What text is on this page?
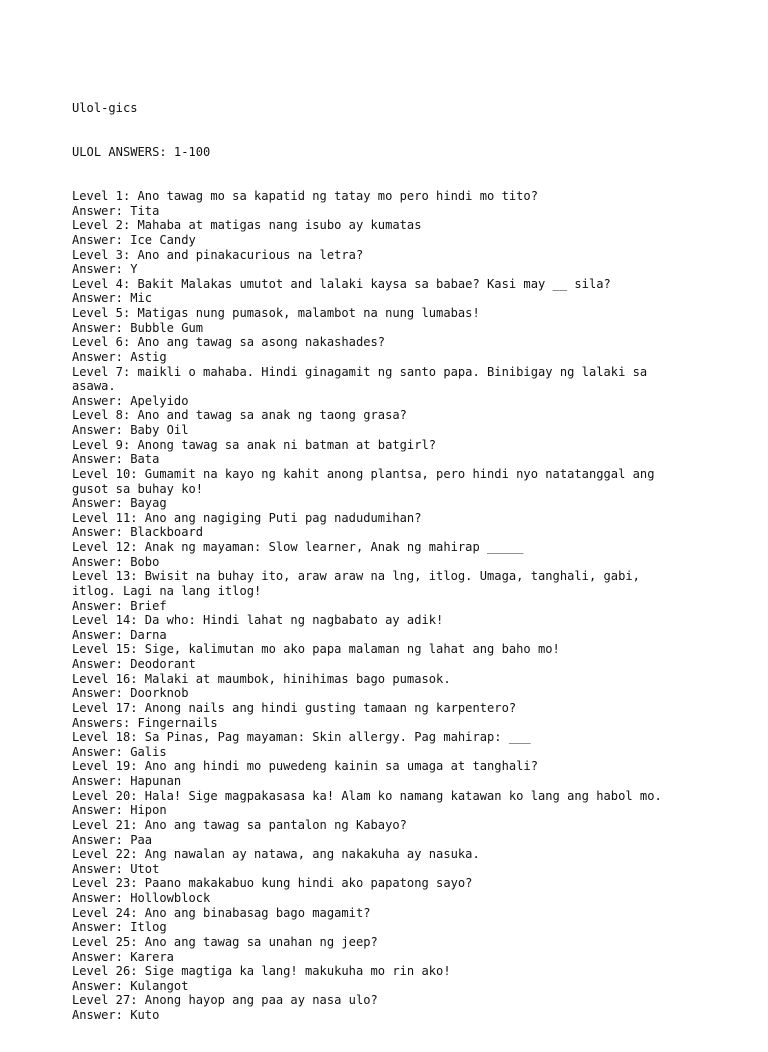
Ulol-gics

ULOL ANSWERS: 1-100

Level 1: Ano tawag mo sa kapatid ng tatay mo pero hindi mo tito?
Answer: Tita
Level 2: Mahaba at matigas nang isubo ay kumatas
Answer: Ice Candy
Level 3: Ano and pinakacurious na letra?
Answer: Y
Level 4: Bakit Malakas umutot and lalaki kaysa sa babae? Kasi may __ sila?
Answer: Mic
Level 5: Matigas nung pumasok, malambot na nung lumabas!
Answer: Bubble Gum
Level 6: Ano ang tawag sa asong nakashades?
Answer: Astig
Level 7: maikli o mahaba. Hindi ginagamit ng santo papa. Binibigay ng lalaki sa
asawa.
Answer: Apelyido
Level 8: Ano and tawag sa anak ng taong grasa?
Answer: Baby Oil
Level 9: Anong tawag sa anak ni batman at batgirl?
Answer: Bata
Level 10: Gumamit na kayo ng kahit anong plantsa, pero hindi nyo natatanggal ang
gusot sa buhay ko!
Answer: Bayag
Level 11: Ano ang nagiging Puti pag nadudumihan?
Answer: Blackboard
Level 12: Anak ng mayaman: Slow learner, Anak ng mahirap _____
Answer: Bobo
Level 13: Bwisit na buhay ito, araw araw na lng, itlog. Umaga, tanghali, gabi,
itlog. Lagi na lang itlog!
Answer: Brief
Level 14: Da who: Hindi lahat ng nagbabato ay adik!
Answer: Darna
Level 15: Sige, kalimutan mo ako papa malaman ng lahat ang baho mo!
Answer: Deodorant
Level 16: Malaki at maumbok, hinihimas bago pumasok.
Answer: Doorknob
Level 17: Anong nails ang hindi gusting tamaan ng karpentero?
Answers: Fingernails
Level 18: Sa Pinas, Pag mayaman: Skin allergy. Pag mahirap: ___
Answer: Galis
Level 19: Ano ang hindi mo puwedeng kainin sa umaga at tanghali?
Answer: Hapunan
Level 20: Hala! Sige magpakasasa ka! Alam ko namang katawan ko lang ang habol mo.
Answer: Hipon
Level 21: Ano ang tawag sa pantalon ng Kabayo?
Answer: Paa
Level 22: Ang nawalan ay natawa, ang nakakuha ay nasuka.
Answer: Utot
Level 23: Paano makakabuo kung hindi ako papatong sayo?
Answer: Hollowblock
Level 24: Ano ang binabasag bago magamit?
Answer: Itlog
Level 25: Ano ang tawag sa unahan ng jeep?
Answer: Karera
Level 26: Sige magtiga ka lang! makukuha mo rin ako!
Answer: Kulangot
Level 27: Anong hayop ang paa ay nasa ulo?
Answer: Kuto
